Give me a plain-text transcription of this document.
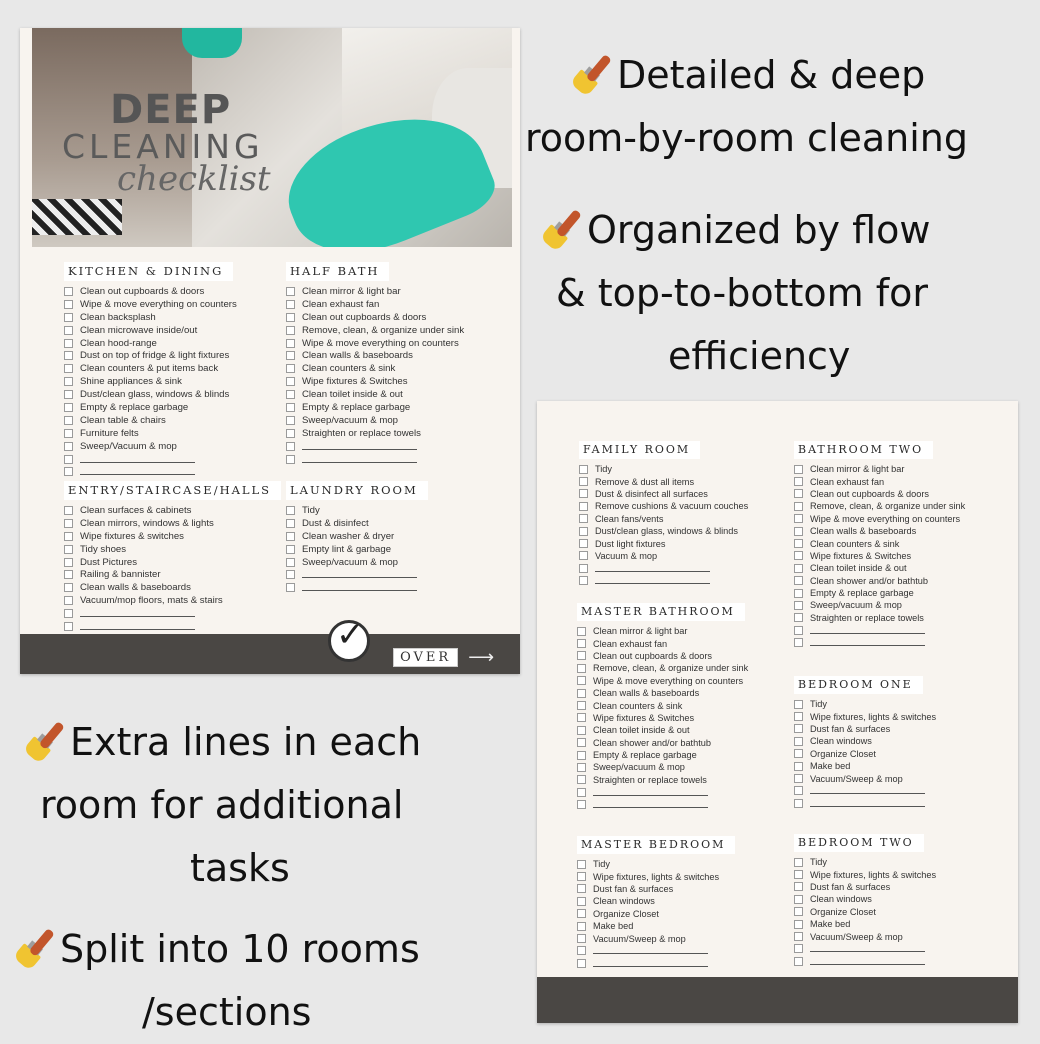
DEEP
CLEANING
checklist
KITCHEN & DINING
Clean out cupboards & doors
Wipe & move everything on counters
Clean backsplash
Clean microwave inside/out
Clean hood-range
Dust on top of fridge & light fixtures
Clean counters & put items back
Shine appliances & sink
Dust/clean glass, windows & blinds
Empty & replace garbage
Clean table & chairs
Furniture felts
Sweep/Vacuum & mop
HALF BATH
Clean mirror & light bar
Clean exhaust fan
Clean out cupboards & doors
Remove, clean, & organize under sink
Wipe & move everything on counters
Clean walls & baseboards
Clean counters & sink
Wipe fixtures & Switches
Clean toilet inside & out
Empty & replace garbage
Sweep/vacuum & mop
Straighten or replace towels
ENTRY/STAIRCASE/HALLS
Clean surfaces & cabinets
Clean mirrors, windows & lights
Wipe fixtures & switches
Tidy shoes
Dust Pictures
Railing & bannister
Clean walls & baseboards
Vacuum/mop floors, mats & stairs
LAUNDRY ROOM
Tidy
Dust & disinfect
Clean washer & dryer
Empty lint & garbage
Sweep/vacuum & mop
✓
OVER ⟶
FAMILY ROOM
Tidy
Remove & dust all items
Dust & disinfect all surfaces
Remove cushions & vacuum couches
Clean fans/vents
Dust/clean glass, windows & blinds
Dust light fixtures
Vacuum & mop
BATHROOM TWO
Clean mirror & light bar
Clean exhaust fan
Clean out cupboards & doors
Remove, clean, & organize under sink
Wipe & move everything on counters
Clean walls & baseboards
Clean counters & sink
Wipe fixtures & Switches
Clean toilet inside & out
Clean shower and/or bathtub
Empty & replace garbage
Sweep/vacuum & mop
Straighten or replace towels
MASTER BATHROOM
Clean mirror & light bar
Clean exhaust fan
Clean out cupboards & doors
Remove, clean, & organize under sink
Wipe & move everything on counters
Clean walls & baseboards
Clean counters & sink
Wipe fixtures & Switches
Clean toilet inside & out
Clean shower and/or bathtub
Empty & replace garbage
Sweep/vacuum & mop
Straighten or replace towels
BEDROOM ONE
Tidy
Wipe fixtures, lights & switches
Dust fan & surfaces
Clean windows
Organize Closet
Make bed
Vacuum/Sweep & mop
MASTER BEDROOM
Tidy
Wipe fixtures, lights & switches
Dust fan & surfaces
Clean windows
Organize Closet
Make bed
Vacuum/Sweep & mop
BEDROOM TWO
Tidy
Wipe fixtures, lights & switches
Dust fan & surfaces
Clean windows
Organize Closet
Make bed
Vacuum/Sweep & mop
Detailed & deep
room-by-room cleaning
Organized by flow
& top-to-bottom for
efficiency
Extra lines in each
room for additional
tasks
Split into 10 rooms
/sections
